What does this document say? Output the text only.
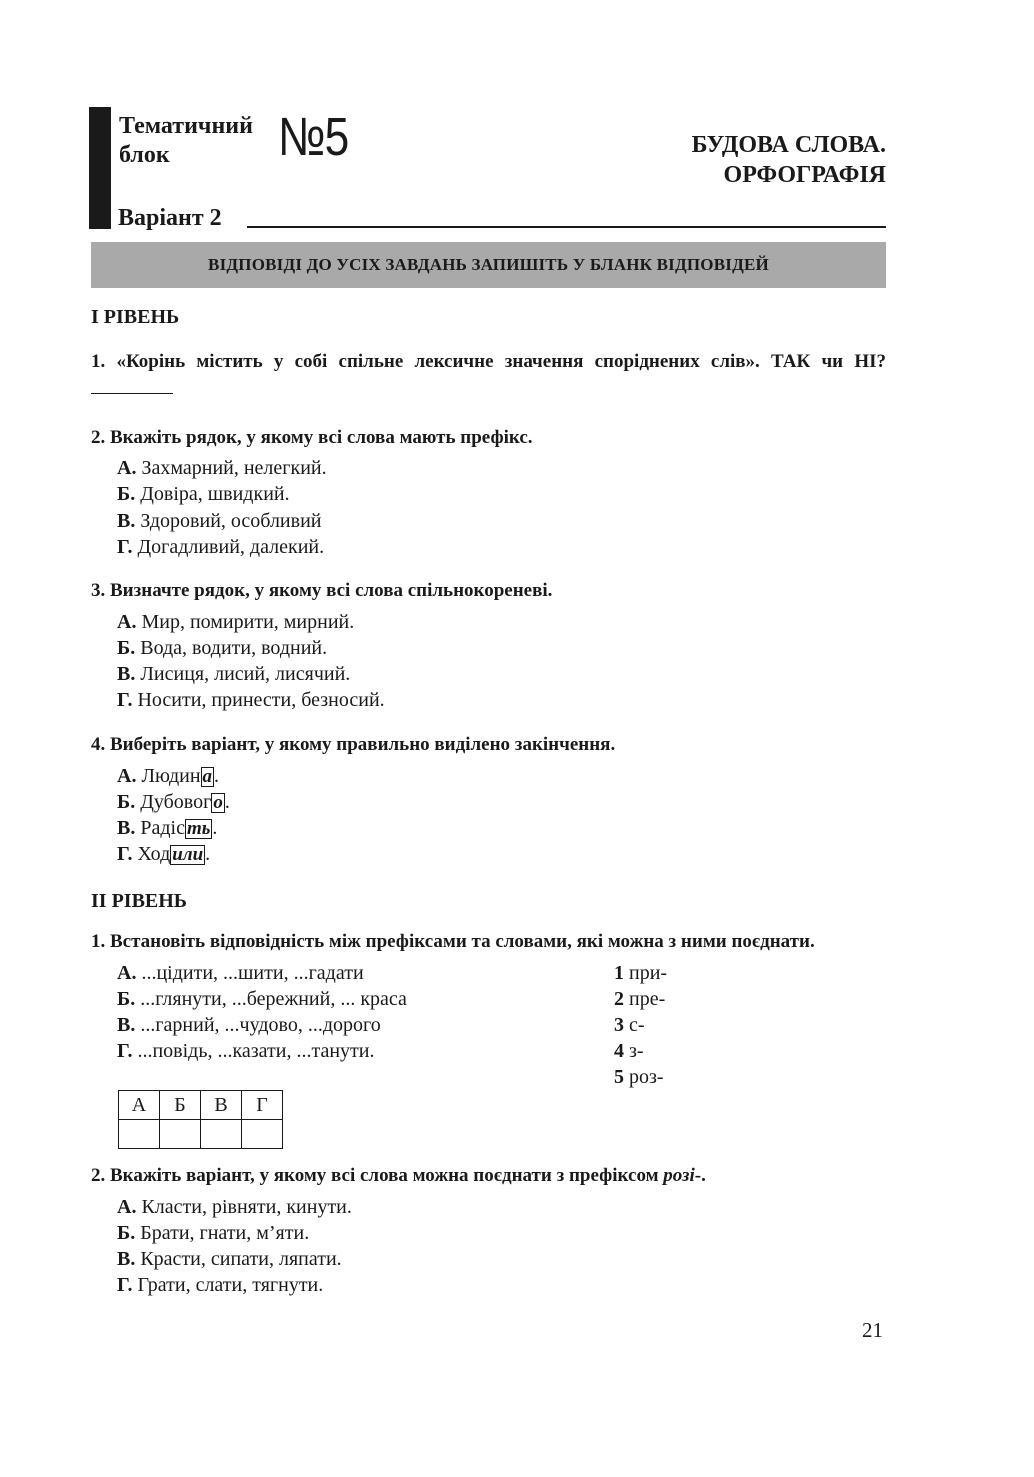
Тематичний
блок	№5	БУДОВА СЛОВА.
ОРФОГРАФІЯ
Варіант 2
ВІДПОВІДІ ДО УСІХ ЗАВДАНЬ ЗАПИШІТЬ У БЛАНК ВІДПОВІДЕЙ
І РІВЕНЬ
1. «Корінь містить у собі спільне лексичне значення споріднених слів». ТАК чи НІ?
2. Вкажіть рядок, у якому всі слова мають префікс.
А. Захмарний, нелегкий.
Б. Довіра, швидкий.
В. Здоровий, особливий
Г. Догадливий, далекий.
3. Визначте рядок, у якому всі слова спільнокореневі.
А. Мир, помирити, мирний.
Б. Вода, водити, водний.
В. Лисиця, лисий, лисячий.
Г. Носити, принести, безносий.
4. Виберіть варіант, у якому правильно виділено закінчення.
А. Людин а .
Б. Дубовог о .
В. Радіс ть .
Г. Ход или .
ІІ РІВЕНЬ
1. Встановіть відповідність між префіксами та словами, які можна з ними поєднати.
А. ...цідити, ...шити, ...гадати
Б. ...глянути, ...бережний, ... краса
В. ...гарний, ...чудово, ...дорого
Г. ...повідь, ...казати, ...танути.
1 при-
2 пре-
3 с-
4 з-
5 роз-
А	Б	В	Г

2. Вкажіть варіант, у якому всі слова можна поєднати з префіксом розі-.
А. Класти, рівняти, кинути.
Б. Брати, гнати, м’яти.
В. Красти, сипати, ляпати.
Г. Грати, слати, тягнути.
21
